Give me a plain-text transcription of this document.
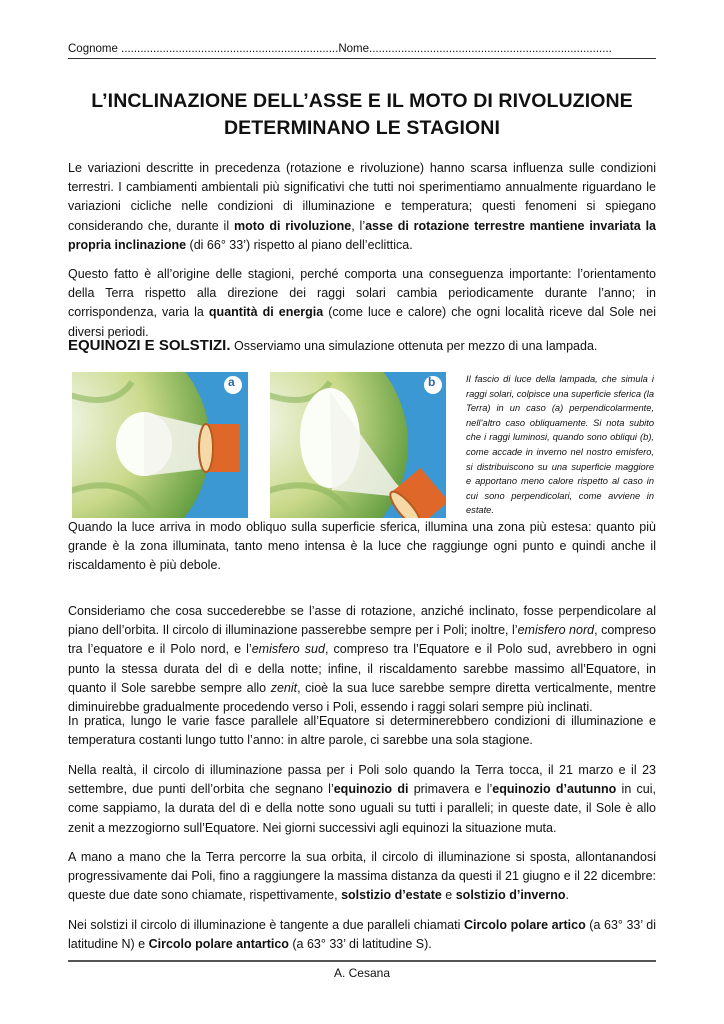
Cognome ....................................................................Nome............................................................................
L’INCLINAZIONE DELL’ASSE E IL MOTO DI RIVOLUZIONE
DETERMINANO LE STAGIONI
Le variazioni descritte in precedenza (rotazione e rivoluzione) hanno scarsa influenza sulle condizioni terrestri. I cambiamenti ambientali più significativi che tutti noi sperimentiamo annualmente riguardano le variazioni cicliche nelle condizioni di illuminazione e temperatura; questi fenomeni si spiegano considerando che, durante il moto di rivoluzione, l’asse di rotazione terrestre mantiene invariata la propria inclinazione (di 66° 33’) rispetto al piano dell’eclittica.
Questo fatto è all’origine delle stagioni, perché comporta una conseguenza importante: l’orientamento della Terra rispetto alla direzione dei raggi solari cambia periodicamente durante l’anno; in corrispondenza, varia la quantità di energia (come luce e calore) che ogni località riceve dal Sole nei diversi periodi.
EQUINOZI E SOLSTIZI. Osserviamo una simulazione ottenuta per mezzo di una lampada.
a	b	Il fascio di luce della lampada, che simula i raggi solari, colpisce una superficie sferica (la Terra) in un caso (a) perpendicolarmente, nell’altro caso obliquamente. Si nota subito che i raggi luminosi, quando sono obliqui (b), come accade in inverno nel nostro emisfero, si distribuiscono su una superficie maggiore e apportano meno calore rispetto al caso in cui sono perpendicolari, come avviene in estate.
Quando la luce arriva in modo obliquo sulla superficie sferica, illumina una zona più estesa: quanto più grande è la zona illuminata, tanto meno intensa è la luce che raggiunge ogni punto e quindi anche il riscaldamento è più debole.
Consideriamo che cosa succederebbe se l’asse di rotazione, anziché inclinato, fosse perpendicolare al piano dell’orbita. Il circolo di illuminazione passerebbe sempre per i Poli; inoltre, l’emisfero nord, compreso tra l’equatore e il Polo nord, e l’emisfero sud, compreso tra l’Equatore e il Polo sud, avrebbero in ogni punto la stessa durata del dì e della notte; infine, il riscaldamento sarebbe massimo all’Equatore, in quanto il Sole sarebbe sempre allo zenit, cioè la sua luce sarebbe sempre diretta verticalmente, mentre diminuirebbe gradualmente procedendo verso i Poli, essendo i raggi solari sempre più inclinati.
In pratica, lungo le varie fasce parallele all’Equatore si determinerebbero condizioni di illuminazione e temperatura costanti lungo tutto l’anno: in altre parole, ci sarebbe una sola stagione.
Nella realtà, il circolo di illuminazione passa per i Poli solo quando la Terra tocca, il 21 marzo e il 23 settembre, due punti dell’orbita che segnano l’equinozio di primavera e l’equinozio d’autunno in cui, come sappiamo, la durata del dì e della notte sono uguali su tutti i paralleli; in queste date, il Sole è allo zenit a mezzogiorno sull’Equatore. Nei giorni successivi agli equinozi la situazione muta.
A mano a mano che la Terra percorre la sua orbita, il circolo di illuminazione si sposta, allontanandosi progressivamente dai Poli, fino a raggiungere la massima distanza da questi il 21 giugno e il 22 dicembre: queste due date sono chiamate, rispettivamente, solstizio d’estate e solstizio d’inverno.
Nei solstizi il circolo di illuminazione è tangente a due paralleli chiamati Circolo polare artico (a 63° 33’ di latitudine N) e Circolo polare antartico (a 63° 33’ di latitudine S).
A. Cesana
